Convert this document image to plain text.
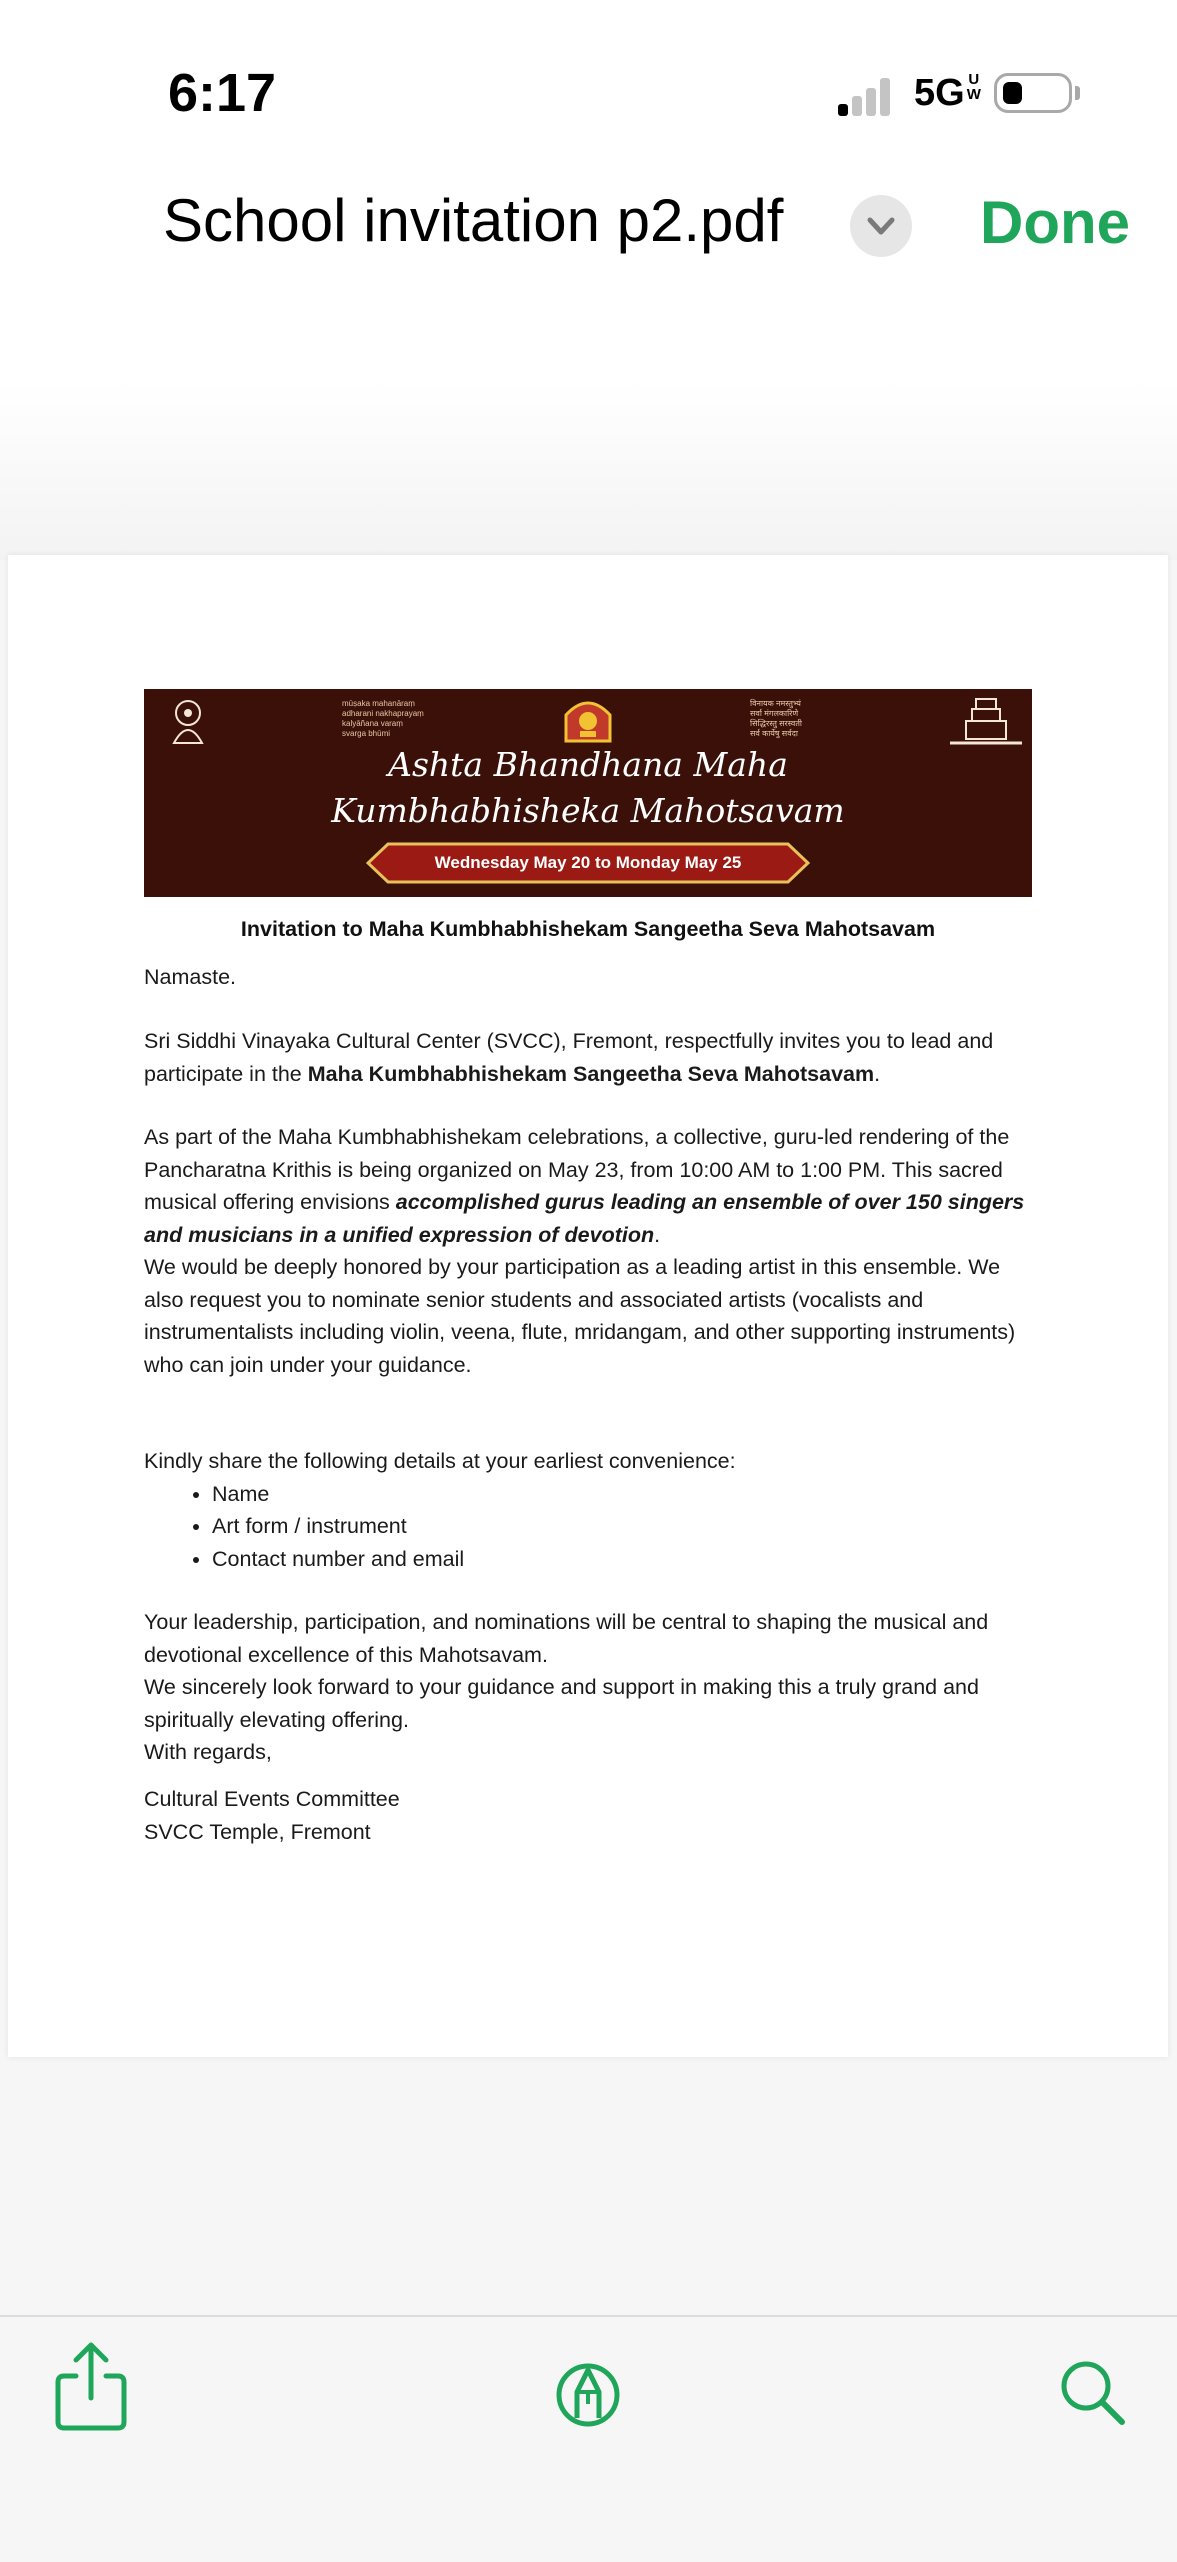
6:17	5G U
W
School invitation p2.pdf	Done
mūṣaka mahanāraṃ
adharani nakhaprayaṃ
kalyāñana varaṃ
svarga bhūmi
विनायक नमस्तुभ्यं
सर्वा मंगलकारिणे
सिद्धिरस्तु सरस्वती
सर्व कार्येषु सर्वदा
Ashta Bhandhana Maha
Kumbhabhisheka Mahotsavam
Wednesday May 20 to Monday May 25
Invitation to Maha Kumbhabhishekam Sangeetha Seva Mahotsavam
Namaste.
Sri Siddhi Vinayaka Cultural Center (SVCC), Fremont, respectfully invites you to lead and participate in the Maha Kumbhabhishekam Sangeetha Seva Mahotsavam.
As part of the Maha Kumbhabhishekam celebrations, a collective, guru-led rendering of the Pancharatna Krithis is being organized on May 23, from 10:00 AM to 1:00 PM. This sacred musical offering envisions accomplished gurus leading an ensemble of over 150 singers and musicians in a unified expression of devotion.
We would be deeply honored by your participation as a leading artist in this ensemble. We also request you to nominate senior students and associated artists (vocalists and instrumentalists including violin, veena, flute, mridangam, and other supporting instruments) who can join under your guidance.
Kindly share the following details at your earliest convenience:
• Name
• Art form / instrument
• Contact number and email
Your leadership, participation, and nominations will be central to shaping the musical and devotional excellence of this Mahotsavam.
We sincerely look forward to your guidance and support in making this a truly grand and spiritually elevating offering.
With regards,
Cultural Events Committee
SVCC Temple, Fremont
